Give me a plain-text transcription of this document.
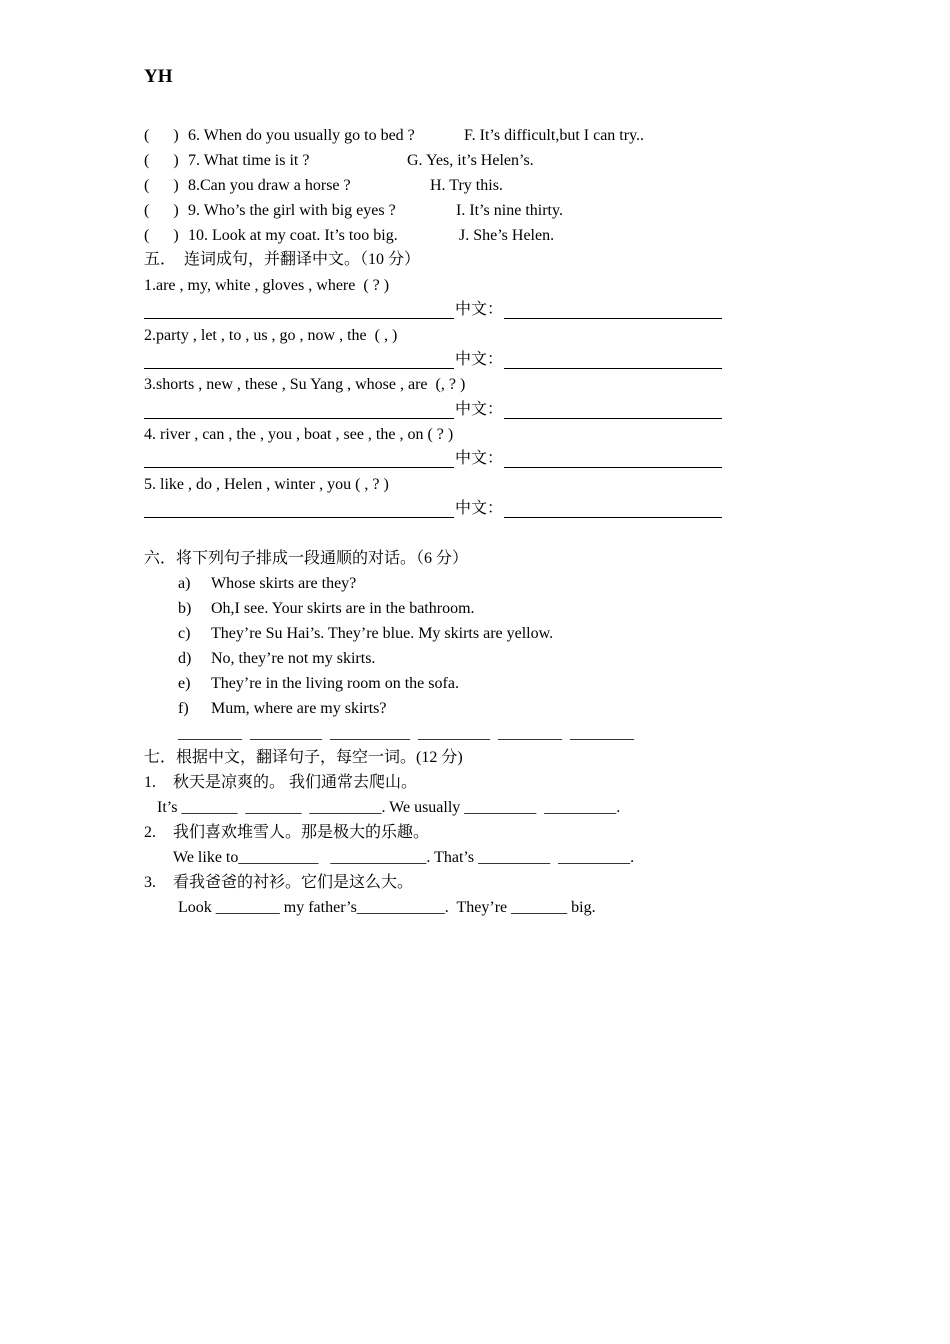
YH
(      ) 6. When do you usually go to bed ?	F. It’s difficult,but I can try..
(      ) 7. What time is it ?	G. Yes, it’s Helen’s.
(      ) 8.Can you draw a horse ?	H. Try this.
(      ) 9. Who’s the girl with big eyes ?	I. It’s nine thirty.
(      ) 10. Look at my coat. It’s too big.	J. She’s Helen.
五．  连词成句，并翻译中文。（10 分）
1.are , my, white , gloves , where  ( ? )
中文：
2.party , let , to , us , go , now , the  ( , )
中文：
3.shorts , new , these , Su Yang , whose , are  (, ? )
中文：
4. river , can , the , you , boat , see , the , on ( ? )
中文：
5. like , do , Helen , winter , you ( , ? )
中文：
六．将下列句子排成一段通顺的对话。（6 分）
a) Whose skirts are they?
b) Oh,I see. Your skirts are in the bathroom.
c) They’re Su Hai’s. They’re blue. My skirts are yellow.
d) No, they’re not my skirts.
e) They’re in the living room on the sofa.
f) Mum, where are my skirts?
________  _________  __________  _________  ________  ________
七．根据中文，翻译句子，每空一词。(12 分)
1. 秋天是凉爽的。 我们通常去爬山。
It’s _______  _______  _________. We usually _________  _________.
2. 我们喜欢堆雪人。那是极大的乐趣。
We like to__________   ____________. That’s _________  _________.
3. 看我爸爸的衬衫。它们是这么大。
Look ________ my father’s___________.  They’re _______ big.
